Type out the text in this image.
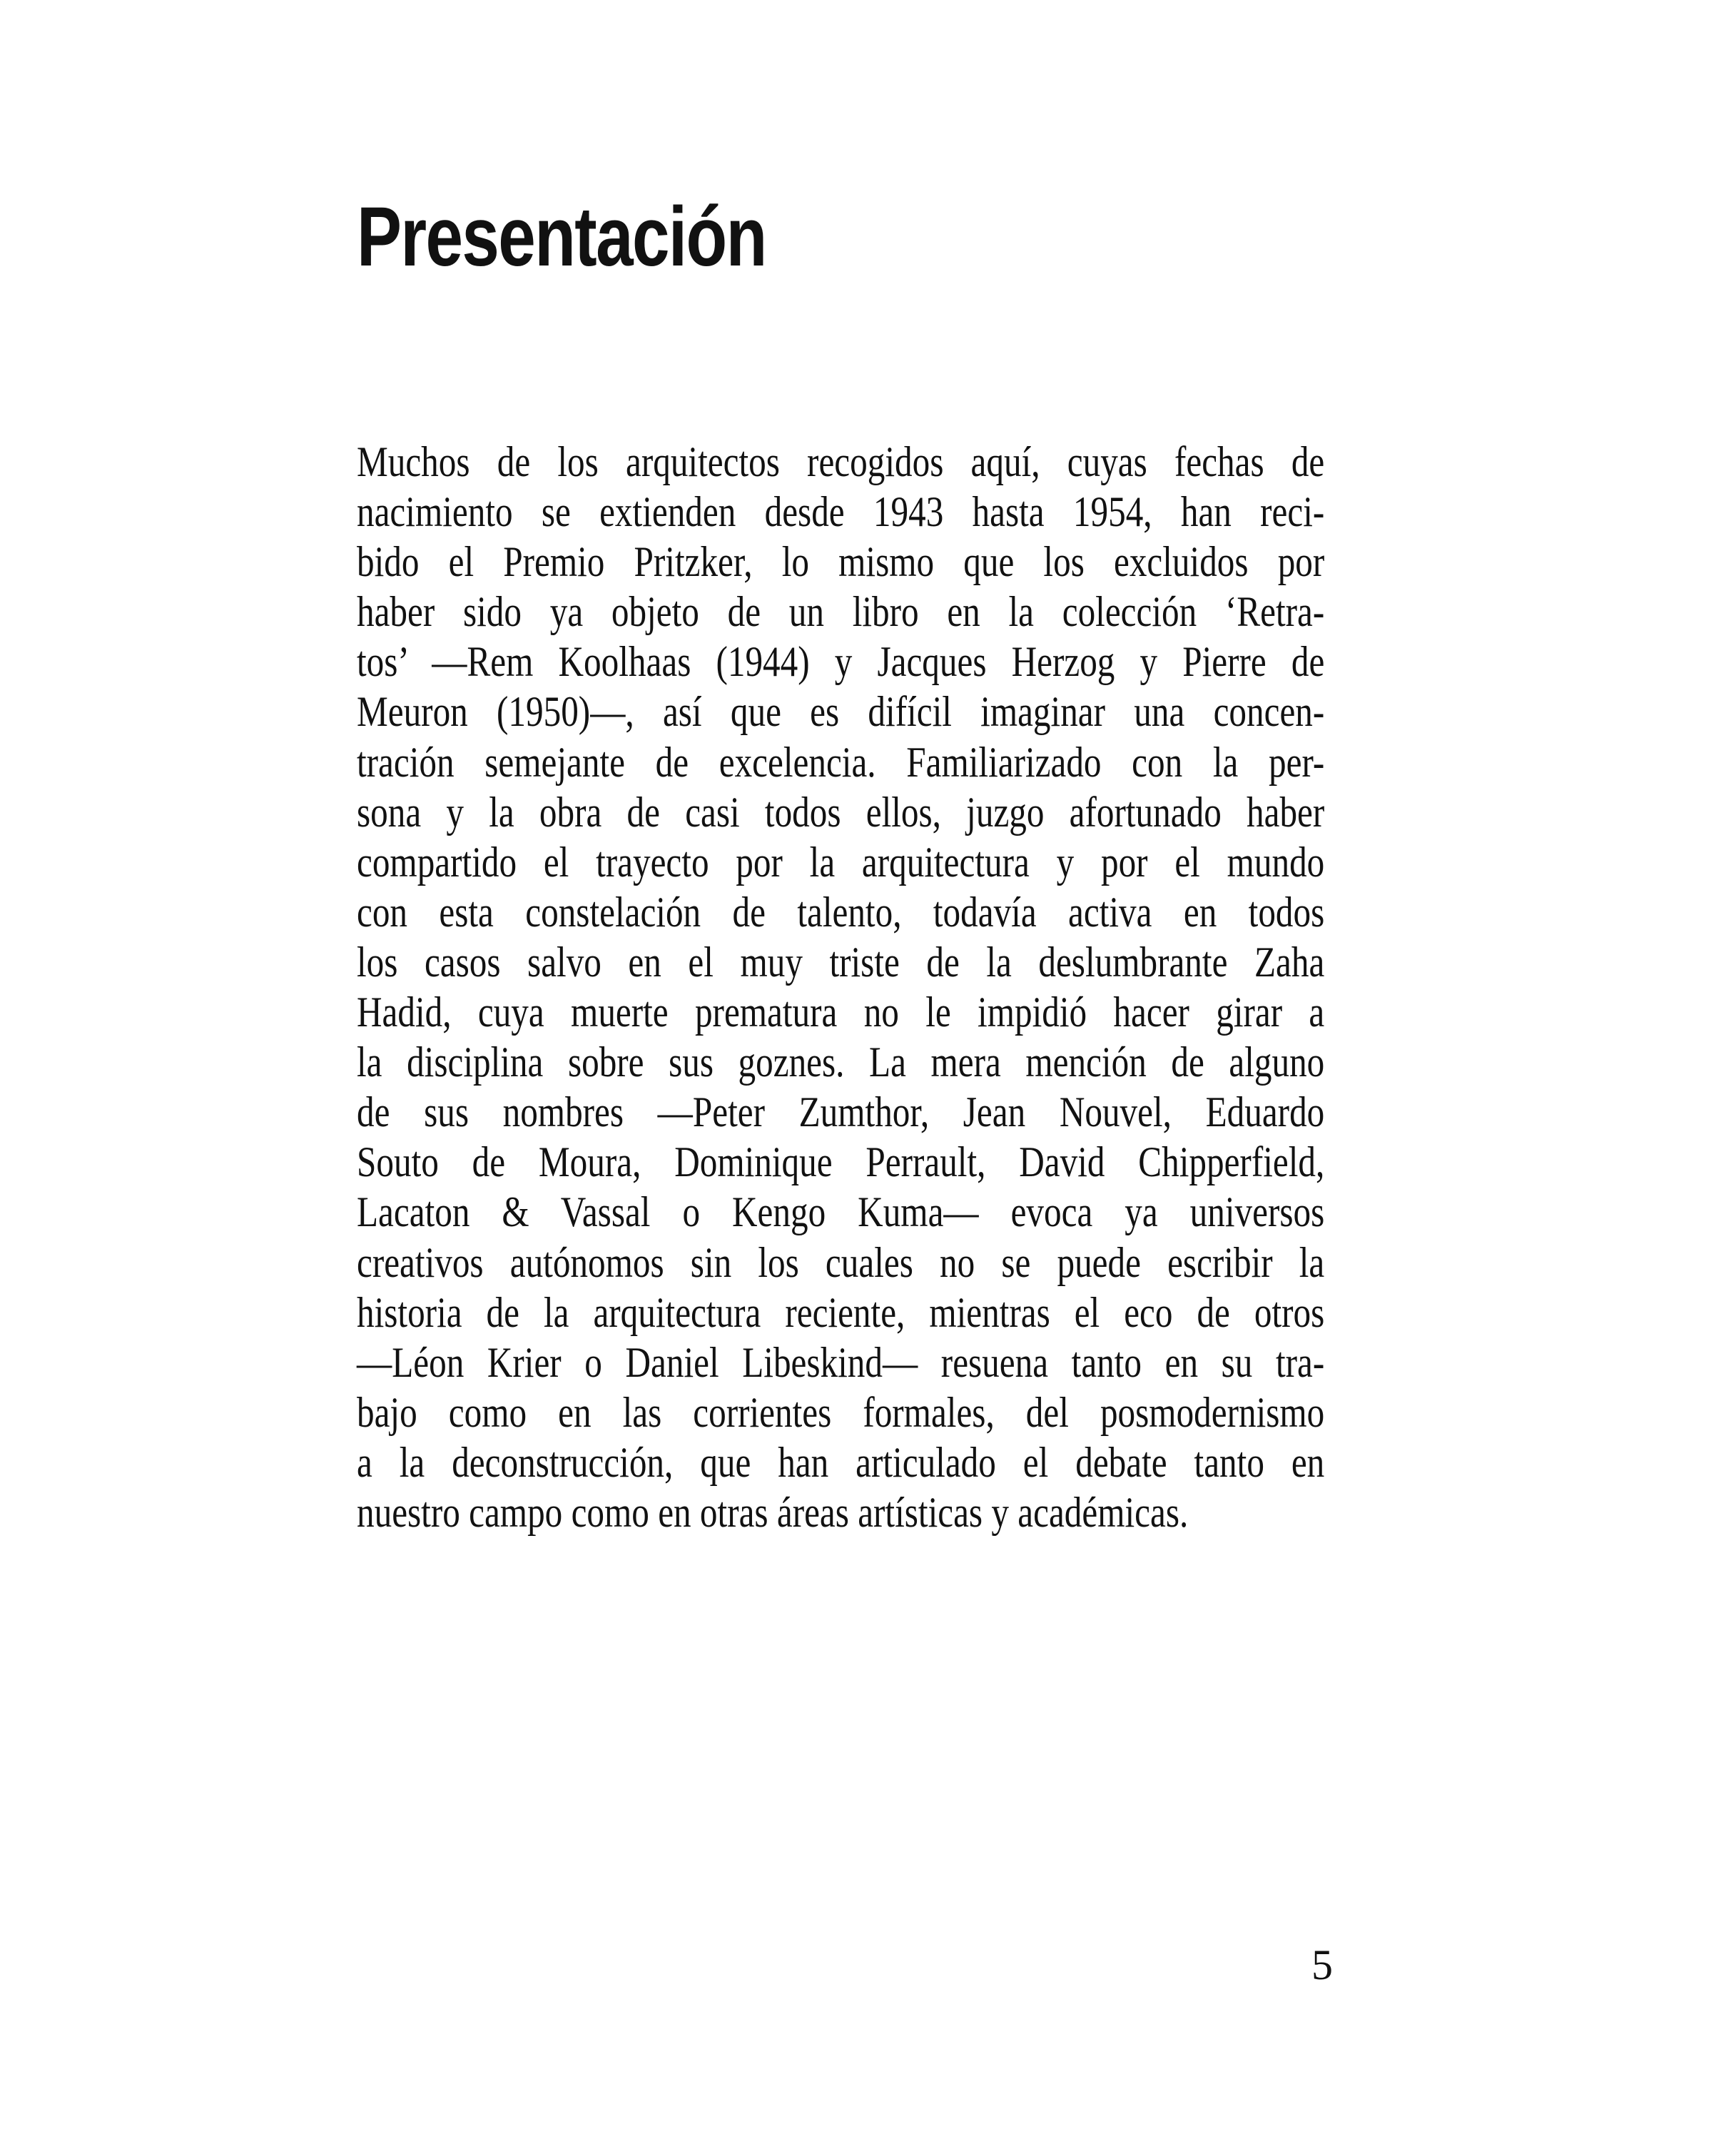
Presentación
Muchos de los arquitectos recogidos aquí, cuyas fechas de
nacimiento se extienden desde 1943 hasta 1954, han reci-
bido el Premio Pritzker, lo mismo que los excluidos por
haber sido ya objeto de un libro en la colección ‘Retra-
tos’ —Rem Koolhaas (1944) y Jacques Herzog y Pierre de
Meuron (1950)—, así que es difícil imaginar una concen-
tración semejante de excelencia. Familiarizado con la per-
sona y la obra de casi todos ellos, juzgo afortunado haber
compartido el trayecto por la arquitectura y por el mundo
con esta constelación de talento, todavía activa en todos
los casos salvo en el muy triste de la deslumbrante Zaha
Hadid, cuya muerte prematura no le impidió hacer girar a
la disciplina sobre sus goznes. La mera mención de alguno
de sus nombres —Peter Zumthor, Jean Nouvel, Eduardo
Souto de Moura, Dominique Perrault, David Chipperfield,
Lacaton & Vassal o Kengo Kuma— evoca ya universos
creativos autónomos sin los cuales no se puede escribir la
historia de la arquitectura reciente, mientras el eco de otros
—Léon Krier o Daniel Libeskind— resuena tanto en su tra-
bajo como en las corrientes formales, del posmodernismo
a la deconstrucción, que han articulado el debate tanto en
nuestro campo como en otras áreas artísticas y académicas.
5
